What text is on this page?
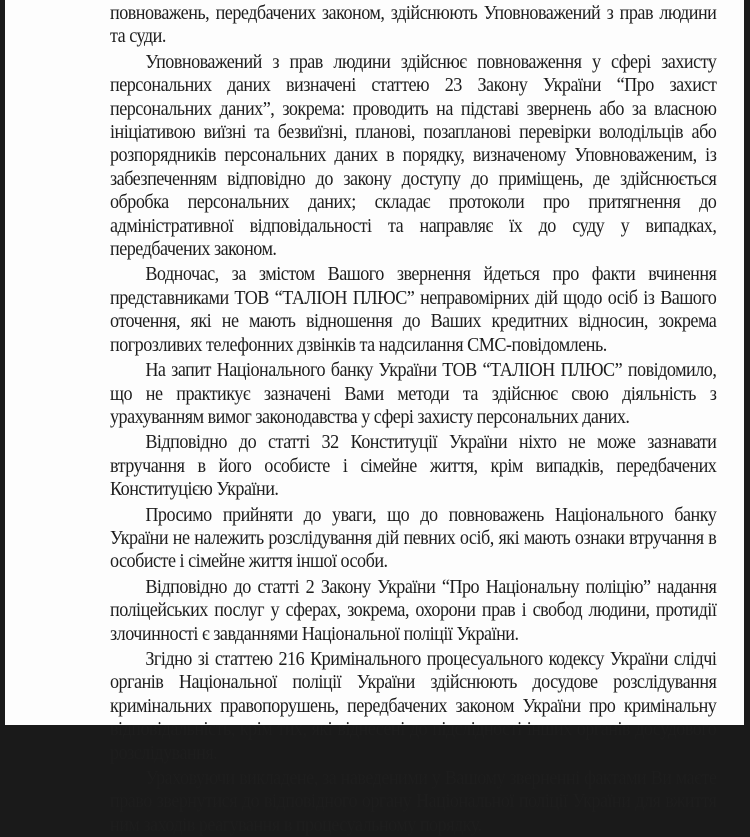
повноважень, передбачених законом, здійснюють Уповноважений з прав людини та суди.

Уповноважений з прав людини здійснює повноваження у сфері захисту персональних даних визначені статтею 23 Закону України “Про захист персональних даних”, зокрема: проводить на підставі звернень або за власною ініціативою виїзні та безвиїзні, планові, позапланові перевірки володільців або розпорядників персональних даних в порядку, визначеному Уповноваженим, із забезпеченням відповідно до закону доступу до приміщень, де здійснюється обробка персональних даних; складає протоколи про притягнення до адміністративної відповідальності та направляє їх до суду у випадках, передбачених законом.

Водночас, за змістом Вашого звернення йдеться про факти вчинення представниками ТОВ “ТАЛІОН ПЛЮС” неправомірних дій щодо осіб із Вашого оточення, які не мають відношення до Ваших кредитних відносин, зокрема погрозливих телефонних дзвінків та надсилання СМС-повідомлень.

На запит Національного банку України ТОВ “ТАЛІОН ПЛЮС” повідомило, що не практикує зазначені Вами методи та здійснює свою діяльність з урахуванням вимог законодавства у сфері захисту персональних даних.

Відповідно до статті 32 Конституції України ніхто не може зазнавати втручання в його особисте і сімейне життя, крім випадків, передбачених Конституцією України.

Просимо прийняти до уваги, що до повноважень Національного банку України не належить розслідування дій певних осіб, які мають ознаки втручання в особисте і сімейне життя іншої особи.

Відповідно до статті 2 Закону України “Про Національну поліцію” надання поліцейських послуг у сферах, зокрема, охорони прав і свобод людини, протидії злочинності є завданнями Національної поліції України.

Згідно зі статтею 216 Кримінального процесуального кодексу України слідчі органів Національної поліції України здійснюють досудове розслідування кримінальних правопорушень, передбачених законом України про кримінальну відповідальність, крім тих, які віднесені до підслідності інших органів досудового розслідування.

Ураховуючи викладене, за наведеними у Вашому зверненні фактами Ви маєте право звернутися до відповідного органу Національної поліції України для вжиття ним заходів реагування в процесуальному порядку.
